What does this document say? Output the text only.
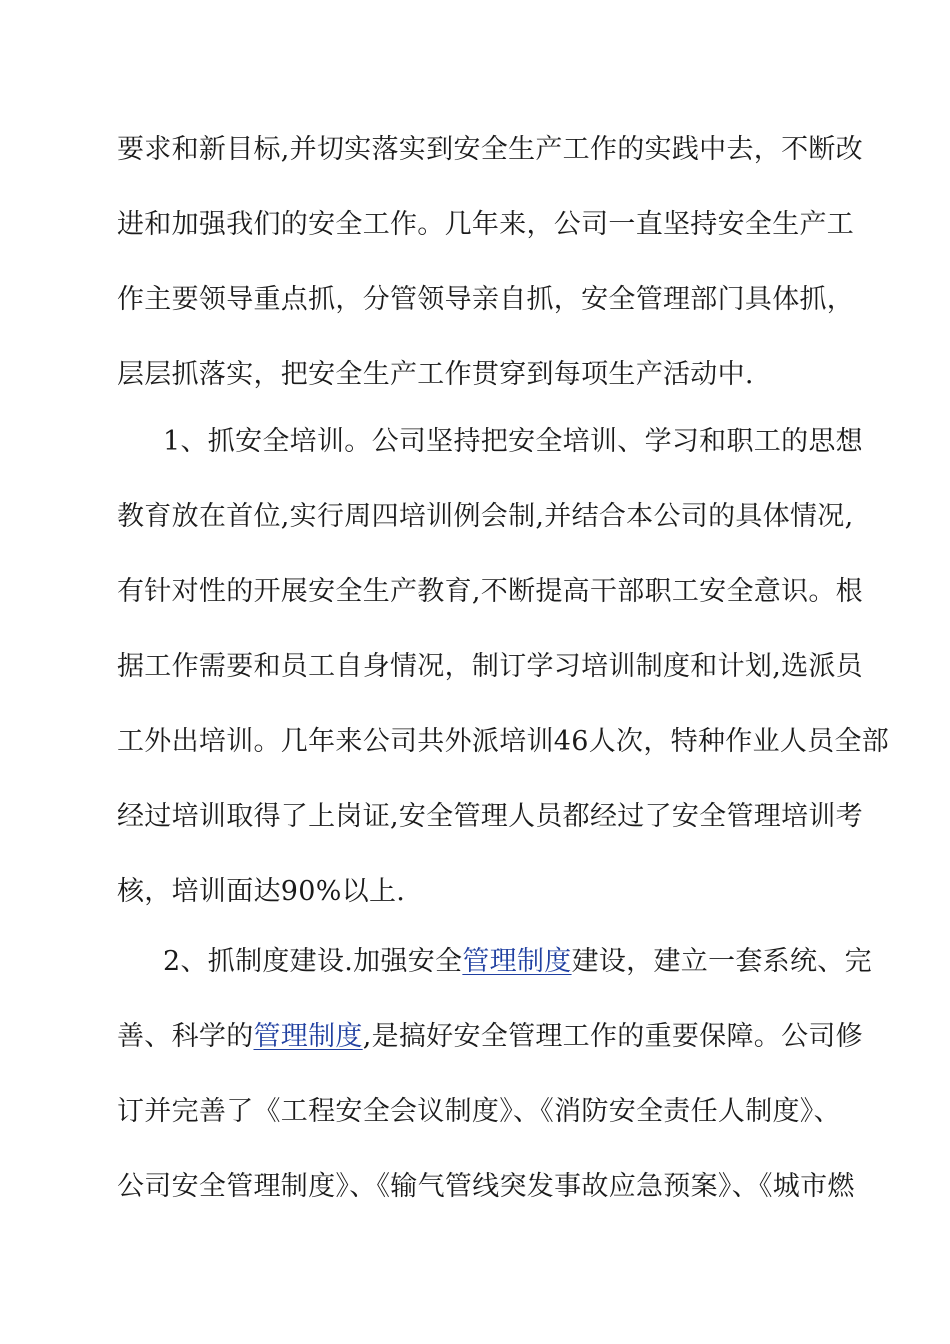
要求和新目标,并切实落实到安全生产工作的实践中去，不断改
进和加强我们的安全工作。几年来，公司一直坚持安全生产工
作主要领导重点抓，分管领导亲自抓，安全管理部门具体抓，
层层抓落实，把安全生产工作贯穿到每项生产活动中.
1、抓安全培训。公司坚持把安全培训、学习和职工的思想
教育放在首位,实行周四培训例会制,并结合本公司的具体情况,
有针对性的开展安全生产教育,不断提高干部职工安全意识。根
据工作需要和员工自身情况，制订学习培训制度和计划,选派员
工外出培训。几年来公司共外派培训46人次，特种作业人员全部
经过培训取得了上岗证,安全管理人员都经过了安全管理培训考
核，培训面达90%以上.
2、抓制度建设.加强安全管理制度建设，建立一套系统、完
善、科学的管理制度,是搞好安全管理工作的重要保障。公司修
订并完善了《工程安全会议制度》、《消防安全责任人制度》、
公司安全管理制度》、《输气管线突发事故应急预案》、《城市燃
